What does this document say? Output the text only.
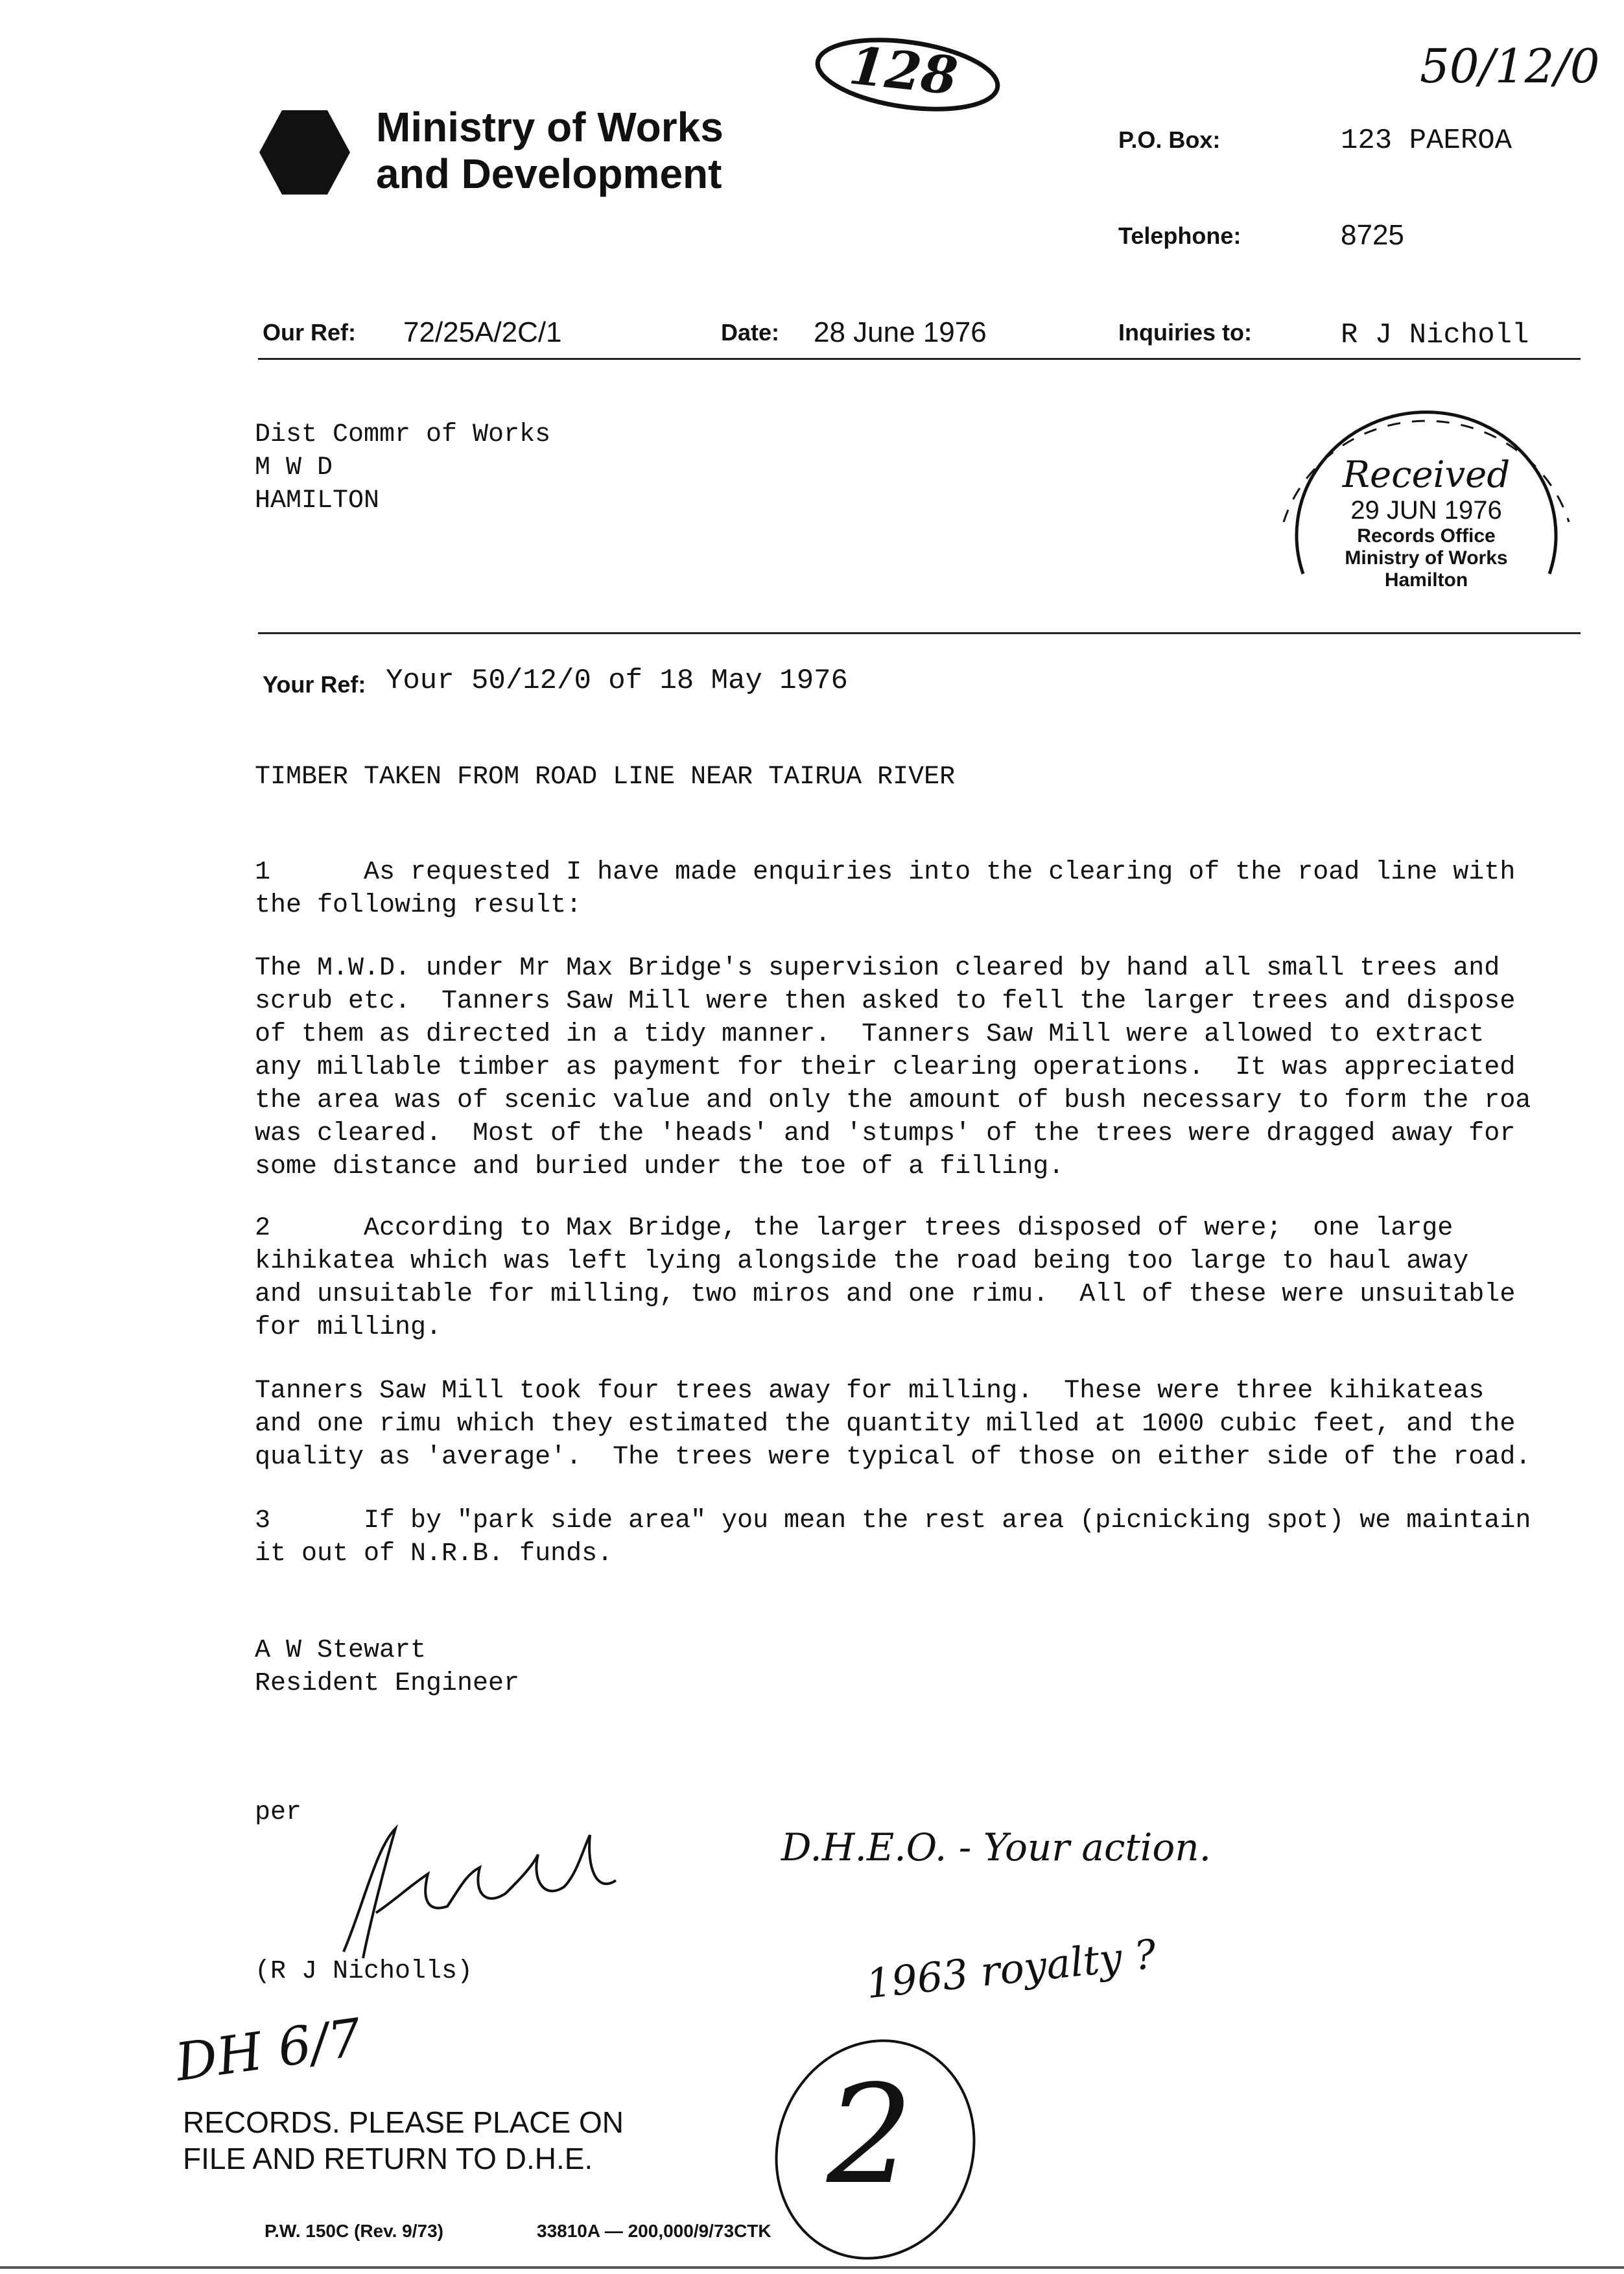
128	50/12/0
Ministry of Works
and Development
P.O. Box:	123 PAEROA
Telephone:	8725
Our Ref: 72/25A/2C/1	Date: 28 June 1976	Inquiries to:	R J Nicholl
Dist Commr of Works
M W D
HAMILTON
Received
29 JUN 1976
Records Office
Ministry of Works
Hamilton
Your Ref: Your 50/12/0 of 18 May 1976
TIMBER TAKEN FROM ROAD LINE NEAR TAIRUA RIVER
1      As requested I have made enquiries into the clearing of the road line with
the following result:
The M.W.D. under Mr Max Bridge's supervision cleared by hand all small trees and
scrub etc.  Tanners Saw Mill were then asked to fell the larger trees and dispose
of them as directed in a tidy manner.  Tanners Saw Mill were allowed to extract
any millable timber as payment for their clearing operations.  It was appreciated
the area was of scenic value and only the amount of bush necessary to form the roa
was cleared.  Most of the 'heads' and 'stumps' of the trees were dragged away for
some distance and buried under the toe of a filling.
2      According to Max Bridge, the larger trees disposed of were;  one large
kihikatea which was left lying alongside the road being too large to haul away
and unsuitable for milling, two miros and one rimu.  All of these were unsuitable
for milling.
Tanners Saw Mill took four trees away for milling.  These were three kihikateas
and one rimu which they estimated the quantity milled at 1000 cubic feet, and the
quality as 'average'.  The trees were typical of those on either side of the road.
3      If by "park side area" you mean the rest area (picnicking spot) we maintain
it out of N.R.B. funds.
A W Stewart
Resident Engineer
per
(R J Nicholls)
D.H.E.O. - Your action.
1963 royalty ?
2
DH 6/7
RECORDS. PLEASE PLACE ON
FILE AND RETURN TO D.H.E.
P.W. 150C (Rev. 9/73)	33810A — 200,000/9/73CTK
